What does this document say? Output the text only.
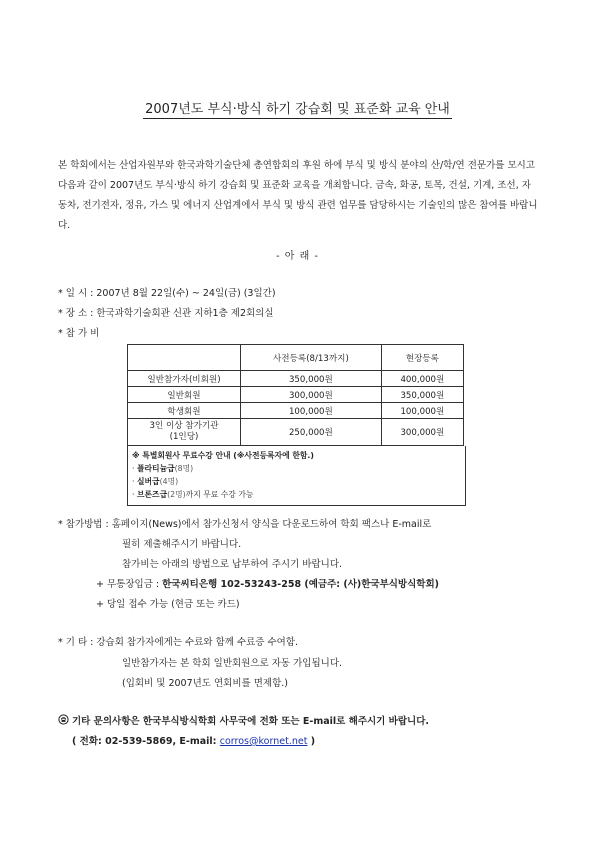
2007년도 부식·방식 하기 강습회 및 표준화 교육 안내
본 학회에서는 산업자원부와 한국과학기술단체 총연합회의 후원 하에 부식 및 방식 분야의 산/학/연 전문가를 모시고 다음과 같이 2007년도 부식·방식 하기 강습회 및 표준화 교육을 개최합니다. 금속, 화공, 토목, 건설, 기계, 조선, 자동차, 전기전자, 정유, 가스 및 에너지 산업계에서 부식 및 방식 관련 업무를 담당하시는 기술인의 많은 참여를 바랍니다.
- 아 래 -
* 일 시 : 2007년 8월 22일(수) ~ 24일(금) (3일간)
* 장 소 : 한국과학기술회관 신관 지하1층 제2회의실
* 참 가 비
	사전등록(8/13까지)	현장등록
일반참가자(비회원)	350,000원	400,000원
일반회원	300,000원	350,000원
학생회원	100,000원	100,000원

3인 이상 참가기관
(1인당)	250,000원	300,000원
※ 특별회원사 무료수강 안내 (※사전등록자에 한함.)
· 플라티늄급(8명)
· 실버급(4명)
· 브론즈급(2명)까지 무료 수강 가능
* 참가방법 : 홈페이지(News)에서 참가신청서 양식을 다운로드하여 학회 팩스나 E-mail로
필히 제출해주시기 바랍니다.
참가비는 아래의 방법으로 납부하여 주시기 바랍니다.
+ 무통장입금 : 한국씨티은행 102-53243-258 (예금주: (사)한국부식방식학회)
+ 당일 접수 가능 (현금 또는 카드)
* 기 타 : 강습회 참가자에게는 수료와 함께 수료증 수여함.
일반참가자는 본 학회 일반회원으로 자동 가입됩니다.
(입회비 및 2007년도 연회비를 면제함.)
기타 문의사항은 한국부식방식학회 사무국에 전화 또는 E-mail로 해주시기 바랍니다.
( 전화: 02-539-5869, E-mail: corros@kornet.net )
